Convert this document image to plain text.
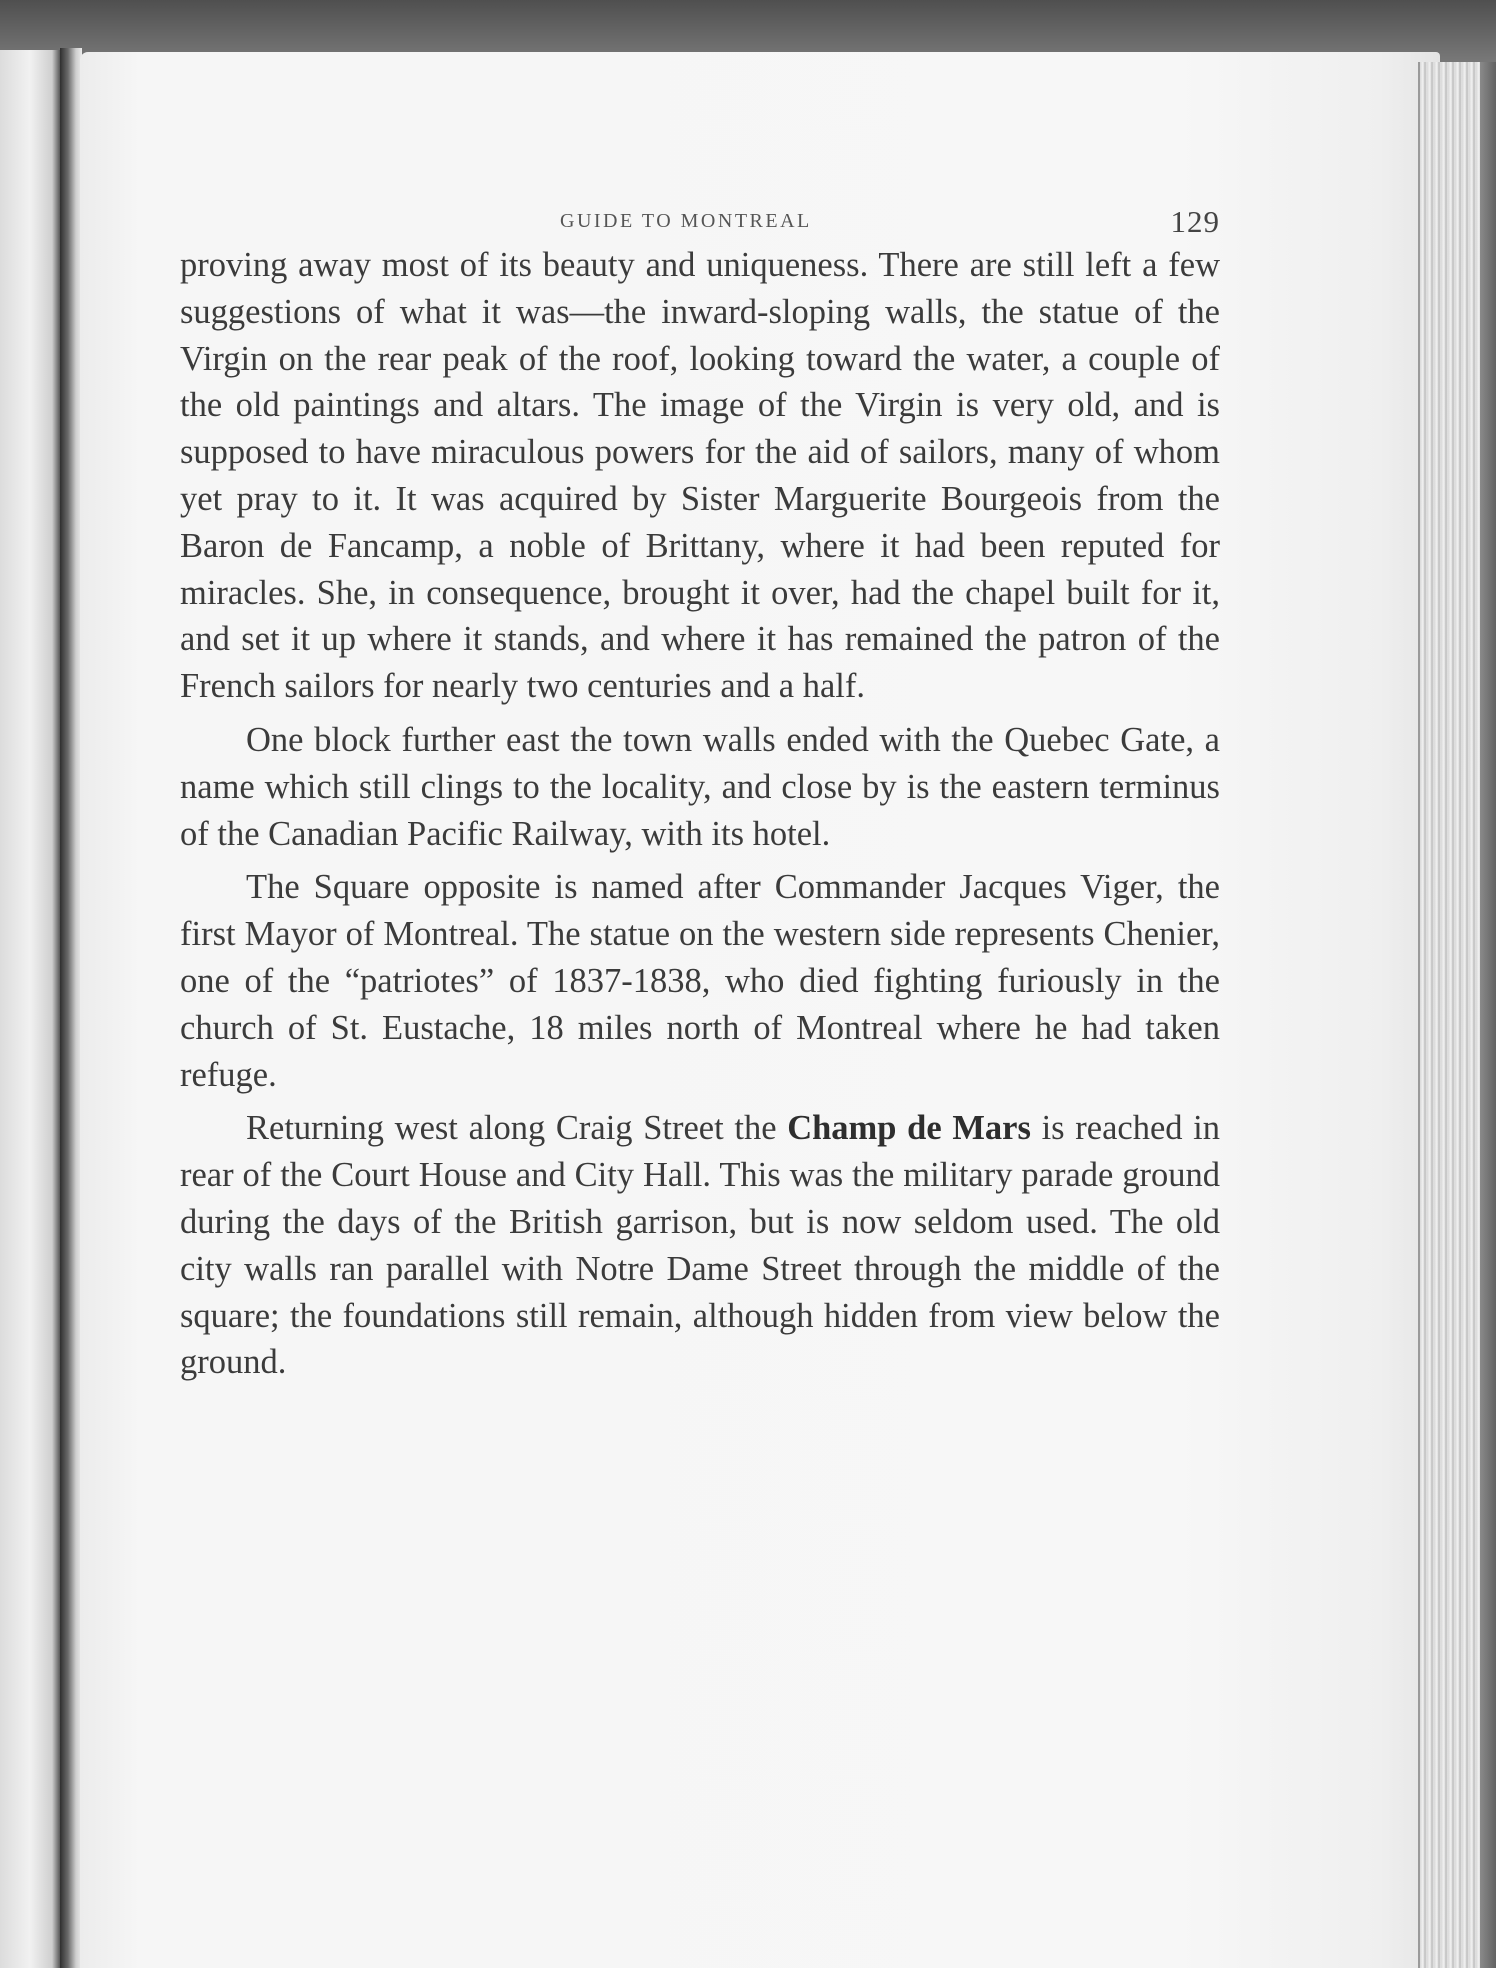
GUIDE TO MONTREAL	129

proving away most of its beauty and uniqueness. There are still left a few suggestions of what it was—the inward-sloping walls, the statue of the Virgin on the rear peak of the roof, looking toward the water, a couple of the old paintings and altars. The image of the Virgin is very old, and is supposed to have miraculous powers for the aid of sailors, many of whom yet pray to it. It was acquired by Sister Marguerite Bourgeois from the Baron de Fancamp, a noble of Brittany, where it had been reputed for miracles. She, in consequence, brought it over, had the chapel built for it, and set it up where it stands, and where it has remained the patron of the French sailors for nearly two centuries and a half.

One block further east the town walls ended with the Quebec Gate, a name which still clings to the locality, and close by is the eastern terminus of the Canadian Pacific Railway, with its hotel.

The Square opposite is named after Commander Jacques Viger, the first Mayor of Montreal. The statue on the western side represents Chenier, one of the “patriotes” of 1837-1838, who died fighting furiously in the church of St. Eustache, 18 miles north of Montreal where he had taken refuge.

Returning west along Craig Street the Champ de Mars is reached in rear of the Court House and City Hall. This was the military parade ground during the days of the British garrison, but is now seldom used. The old city walls ran parallel with Notre Dame Street through the middle of the square; the foundations still remain, although hidden from view below the ground.
